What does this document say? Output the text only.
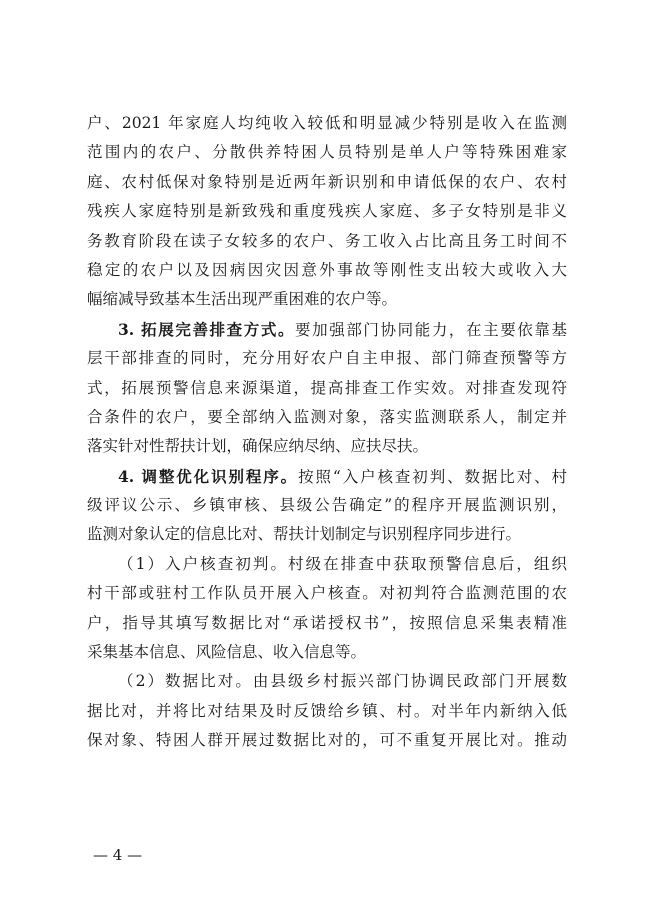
户、2021 年家庭人均纯收入较低和明显减少特别是收入在监测
范围内的农户、分散供养特困人员特别是单人户等特殊困难家
庭、农村低保对象特别是近两年新识别和申请低保的农户、农村
残疾人家庭特别是新致残和重度残疾人家庭、多子女特别是非义
务教育阶段在读子女较多的农户、务工收入占比高且务工时间不
稳定的农户以及因病因灾因意外事故等刚性支出较大或收入大
幅缩减导致基本生活出现严重困难的农户等。
3. 拓展完善排查方式。要加强部门协同能力，在主要依靠基
层干部排查的同时，充分用好农户自主申报、部门筛查预警等方
式，拓展预警信息来源渠道，提高排查工作实效。对排查发现符
合条件的农户，要全部纳入监测对象，落实监测联系人，制定并
落实针对性帮扶计划，确保应纳尽纳、应扶尽扶。
4. 调整优化识别程序。按照“入户核查初判、数据比对、村
级评议公示、乡镇审核、县级公告确定”的程序开展监测识别，
监测对象认定的信息比对、帮扶计划制定与识别程序同步进行。
（1）入户核查初判。村级在排查中获取预警信息后，组织
村干部或驻村工作队员开展入户核查。对初判符合监测范围的农
户，指导其填写数据比对“承诺授权书”，按照信息采集表精准
采集基本信息、风险信息、收入信息等。
（2）数据比对。由县级乡村振兴部门协调民政部门开展数
据比对，并将比对结果及时反馈给乡镇、村。对半年内新纳入低
保对象、特困人群开展过数据比对的，可不重复开展比对。推动
— 4 —
